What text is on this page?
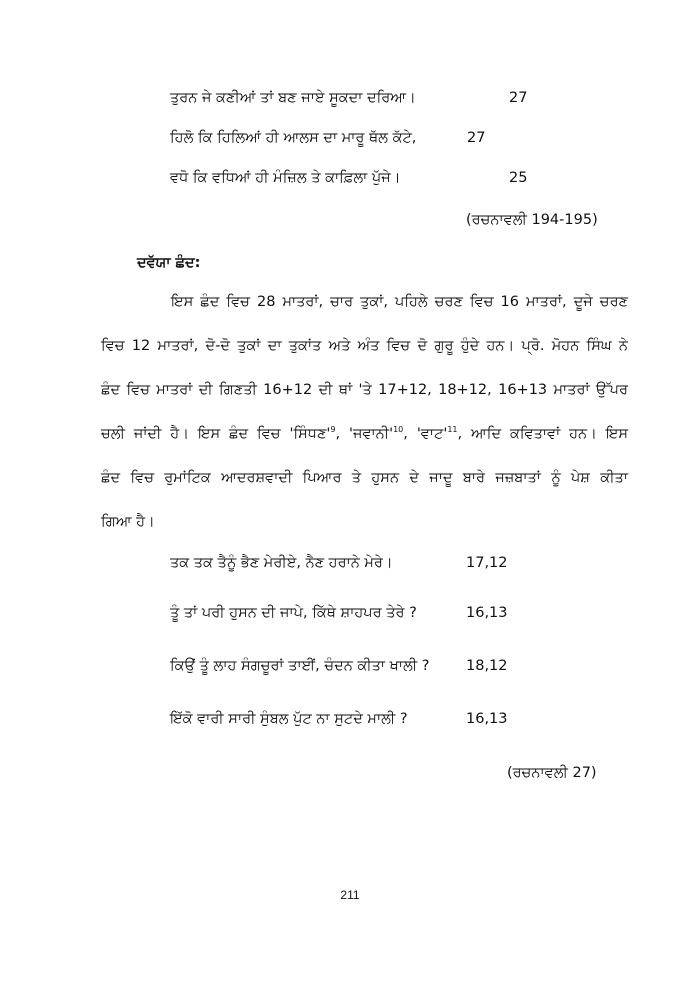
ਤੁਰਨ ਜੇ ਕਣੀਆਂ ਤਾਂ ਬਣ ਜਾਏ ਸੂਕਦਾ ਦਰਿਆ।	27
ਹਿਲੋ ਕਿ ਹਿਲਿਆਂ ਹੀ ਆਲਸ ਦਾ ਮਾਰੂ ਥੱਲ ਕੱਟੇ,	27
ਵਧੋ ਕਿ ਵਧਿਆਂ ਹੀ ਮੰਜ਼ਿਲ ਤੇ ਕਾਫ਼ਿਲਾ ਪੁੱਜੇ।	25
(ਰਚਨਾਵਲੀ 194-195)
ਦਵੱਯਾ ਛੰਦ:
ਇਸ ਛੰਦ ਵਿਚ 28 ਮਾਤਰਾਂ, ਚਾਰ ਤੁਕਾਂ, ਪਹਿਲੇ ਚਰਣ ਵਿਚ 16 ਮਾਤਰਾਂ, ਦੂਜੇ ਚਰਣ
ਵਿਚ 12 ਮਾਤਰਾਂ, ਦੋ-ਦੋ ਤੁਕਾਂ ਦਾ ਤੁਕਾਂਤ ਅਤੇ ਅੰਤ ਵਿਚ ਦੋ ਗੁਰੂ ਹੁੰਦੇ ਹਨ। ਪ੍ਰੋ. ਮੋਹਨ ਸਿੰਘ ਨੇ
ਛੰਦ ਵਿਚ ਮਾਤਰਾਂ ਦੀ ਗਿਣਤੀ 16+12 ਦੀ ਥਾਂ 'ਤੇ 17+12, 18+12, 16+13 ਮਾਤਰਾਂ ਉੱਪਰ
ਚਲੀ ਜਾਂਦੀ ਹੈ। ਇਸ ਛੰਦ ਵਿਚ '$ਸਿੰਧਣ'^9$, '$ਜਵਾਨੀ'^{10}$, '$ਵਾਟ'^{11}$, ਆਦਿ ਕਵਿਤਾਵਾਂ ਹਨ। ਇਸ
ਛੰਦ ਵਿਚ ਰੁਮਾਂਟਿਕ ਆਦਰਸ਼ਵਾਦੀ ਪਿਆਰ ਤੇ ਹੁਸਨ ਦੇ ਜਾਦੂ ਬਾਰੇ ਜਜ਼ਬਾਤਾਂ ਨੂੰ ਪੇਸ਼ ਕੀਤਾ
ਗਿਆ ਹੈ।
ਤਕ ਤਕ ਤੈਨੂੰ ਭੈਣ ਮੇਰੀਏ, ਨੈਣ ਹਰਾਨੇ ਮੇਰੇ।	17,12
ਤੂੰ ਤਾਂ ਪਰੀ ਹੁਸਨ ਦੀ ਜਾਪੇ, ਕਿੱਥੇ ਸ਼ਾਹਪਰ ਤੇਰੇ ?	16,13
ਕਿਉਂ ਤੂੰ ਲਾਹ ਸੰਗਚੂਰਾਂ ਤਾਈਂ, ਚੰਦਨ ਕੀਤਾ ਖਾਲੀ ?	18,12
ਇੱਕੋ ਵਾਰੀ ਸਾਰੀ ਸੁੰਬਲ ਪੁੱਟ ਨਾ ਸੁਟਦੇ ਮਾਲੀ ?	16,13
(ਰਚਨਾਵਲੀ 27)
211
